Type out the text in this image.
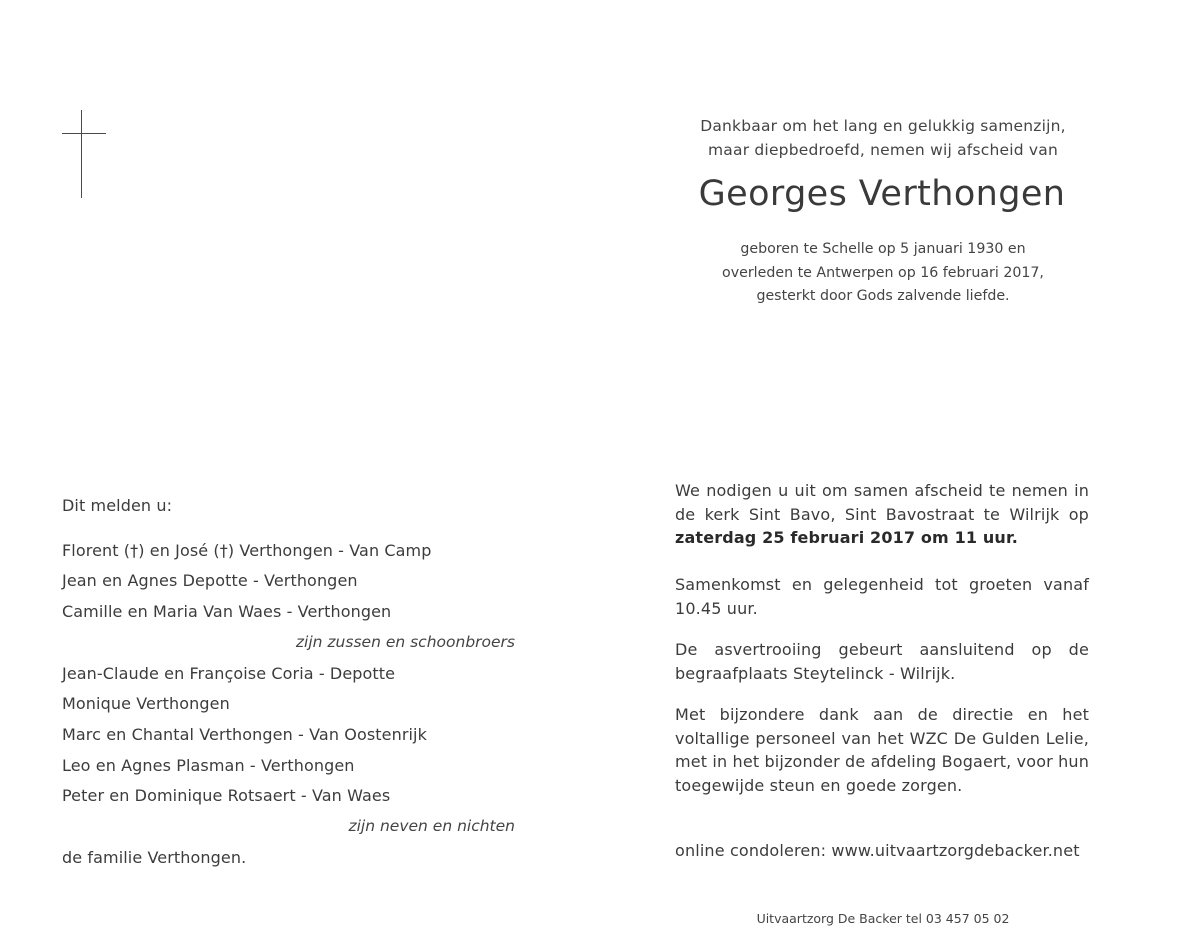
Dankbaar om het lang en gelukkig samenzijn,
maar diepbedroefd, nemen wij afscheid van
Georges Verthongen
geboren te Schelle op 5 januari 1930 en
overleden te Antwerpen op 16 februari 2017,
gesterkt door Gods zalvende liefde.
Dit melden u:
Florent (†) en José (†) Verthongen - Van Camp
Jean en Agnes Depotte - Verthongen
Camille en Maria Van Waes - Verthongen
zijn zussen en schoonbroers
Jean-Claude en Françoise Coria - Depotte
Monique Verthongen
Marc en Chantal Verthongen - Van Oostenrijk
Leo en Agnes Plasman - Verthongen
Peter en Dominique Rotsaert - Van Waes
zijn neven en nichten
de familie Verthongen.
We nodigen u uit om samen afscheid te nemen in de kerk Sint Bavo, Sint Bavostraat te Wilrijk op zaterdag 25 februari 2017 om 11 uur.
Samenkomst en gelegenheid tot groeten vanaf 10.45 uur.
De asvertrooiing gebeurt aansluitend op de begraafplaats Steytelinck - Wilrijk.
Met bijzondere dank aan de directie en het voltallige personeel van het WZC De Gulden Lelie, met in het bijzonder de afdeling Bogaert, voor hun toegewijde steun en goede zorgen.
online condoleren: www.uitvaartzorgdebacker.net
Uitvaartzorg De Backer tel 03 457 05 02
